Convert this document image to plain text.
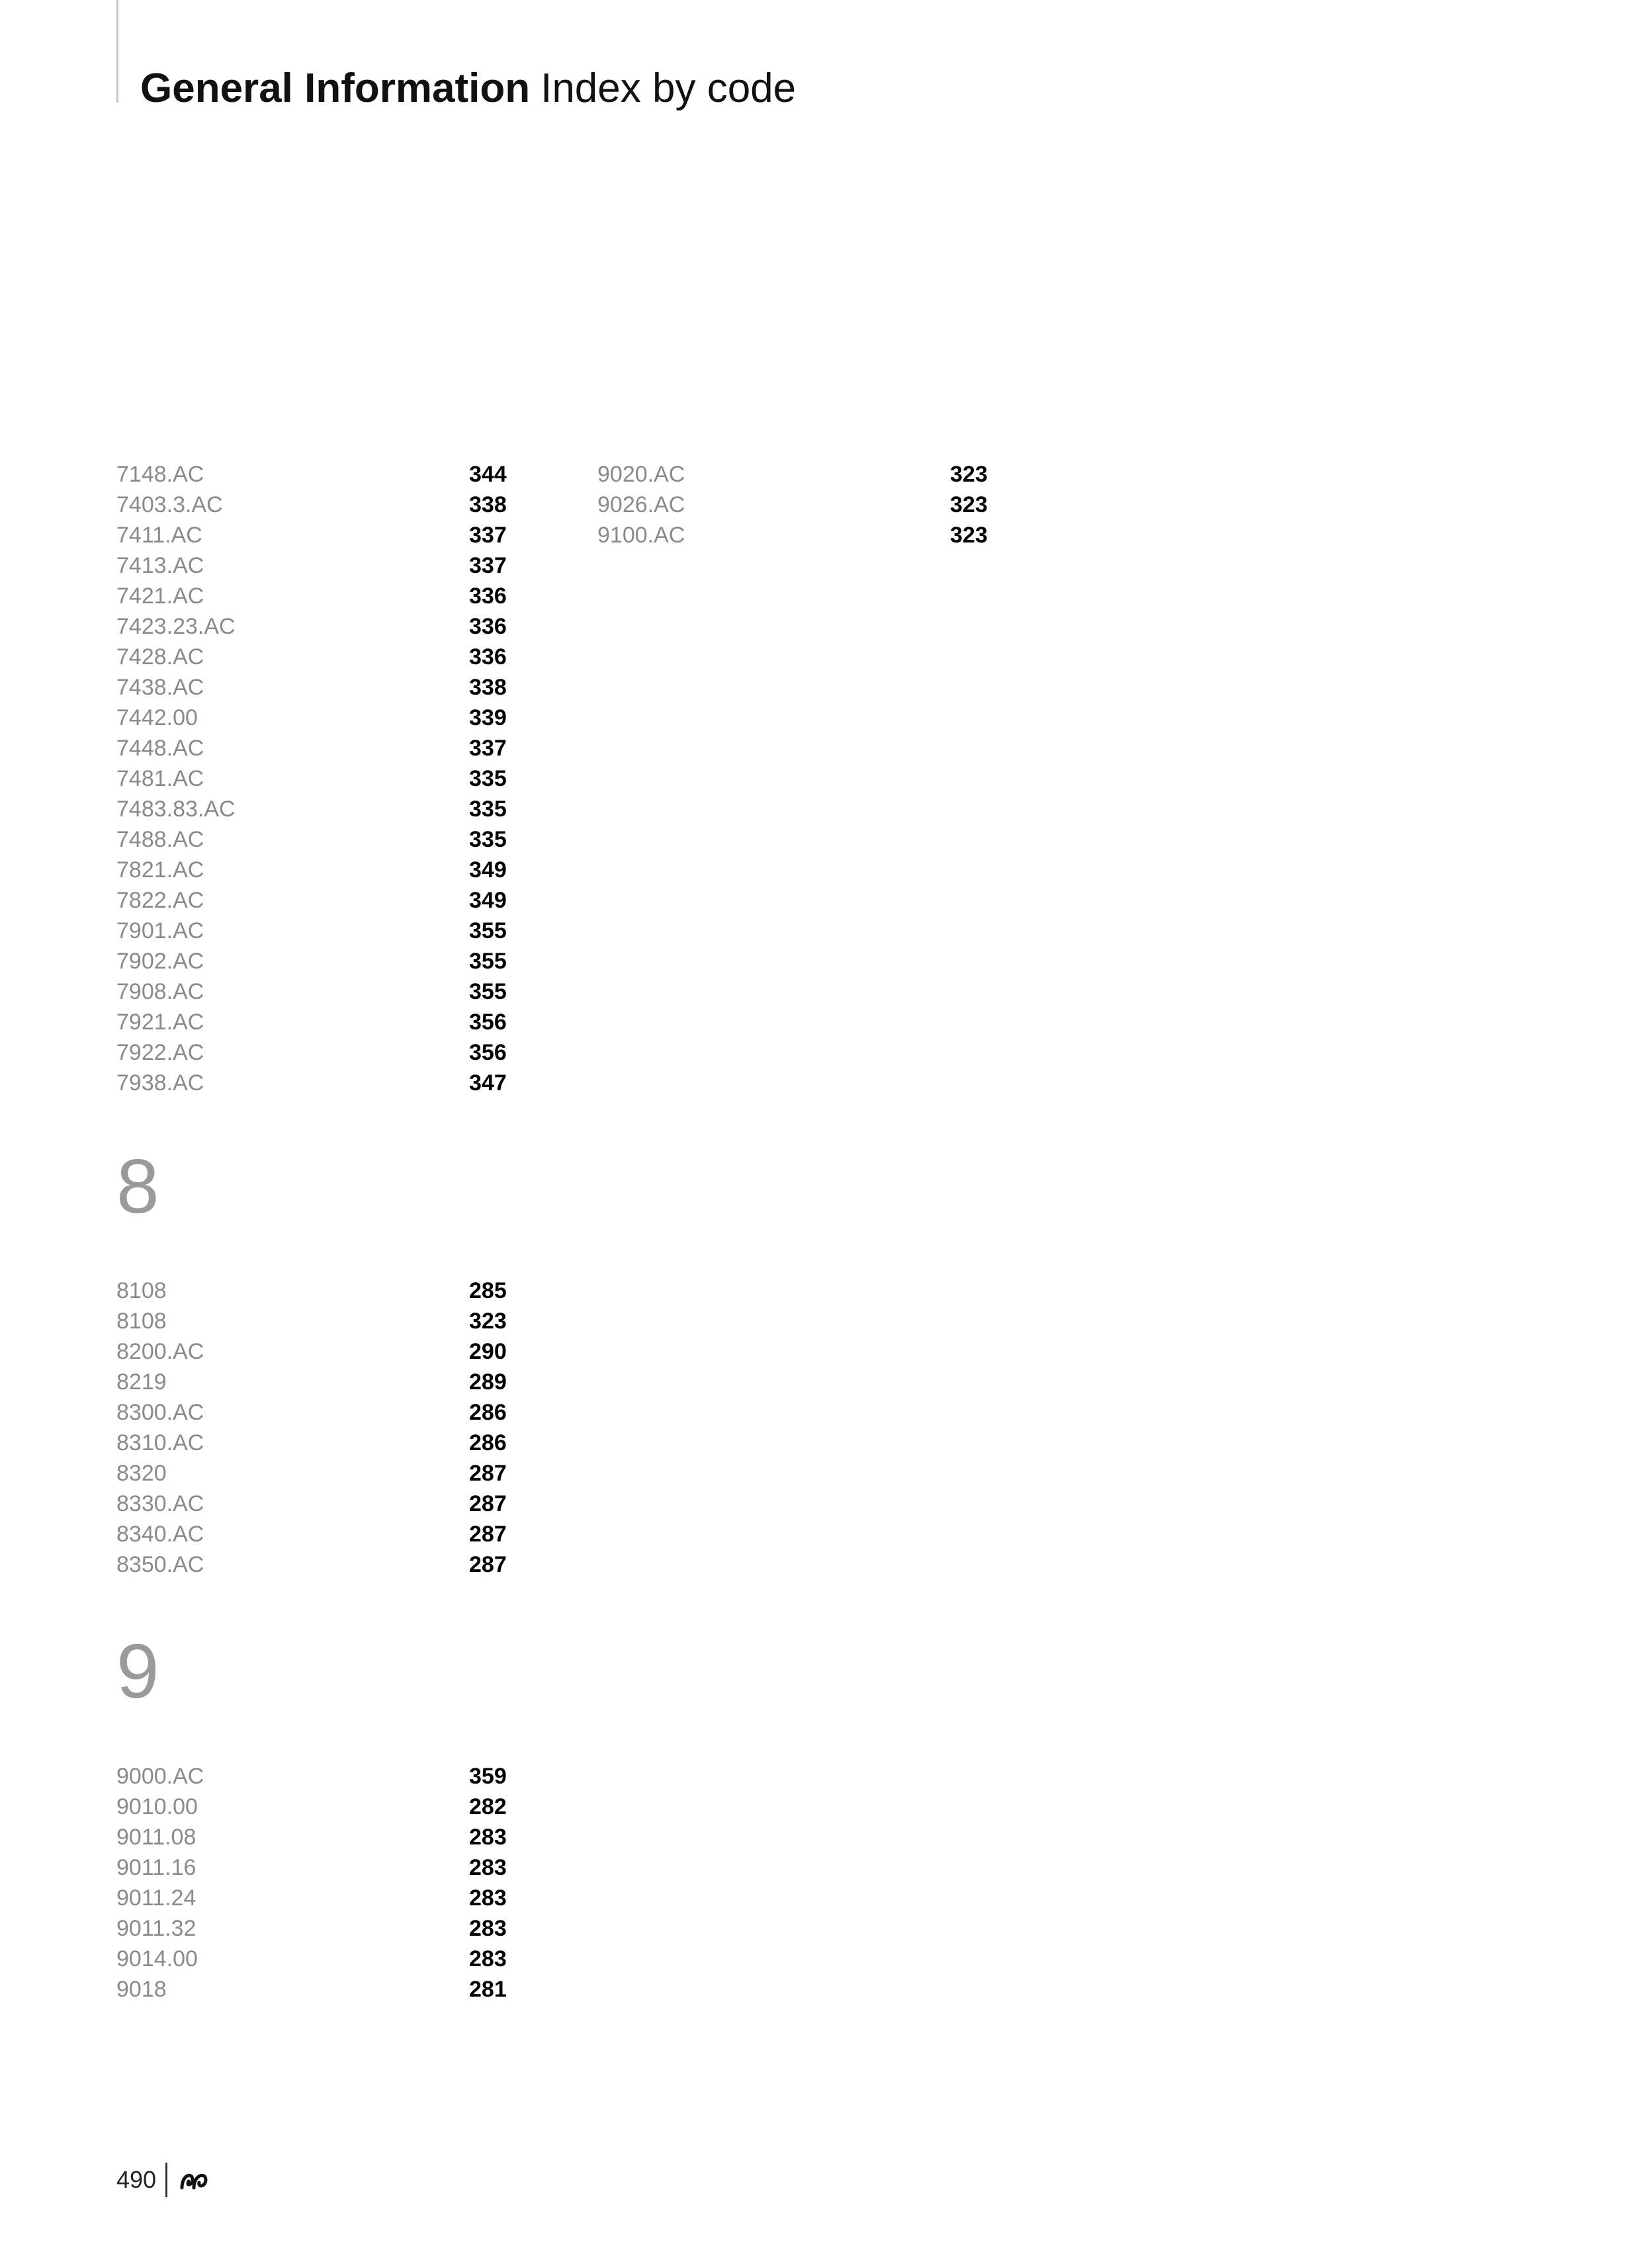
General Information Index by code
7148.AC	344
7403.3.AC	338
7411.AC	337
7413.AC	337
7421.AC	336
7423.23.AC	336
7428.AC	336
7438.AC	338
7442.00	339
7448.AC	337
7481.AC	335
7483.83.AC	335
7488.AC	335
7821.AC	349
7822.AC	349
7901.AC	355
7902.AC	355
7908.AC	355
7921.AC	356
7922.AC	356
7938.AC	347
9020.AC	323
9026.AC	323
9100.AC	323
8
8108	285
8108	323
8200.AC	290
8219	289
8300.AC	286
8310.AC	286
8320	287
8330.AC	287
8340.AC	287
8350.AC	287
9
9000.AC	359
9010.00	282
9011.08	283
9011.16	283
9011.24	283
9011.32	283
9014.00	283
9018	281
490
